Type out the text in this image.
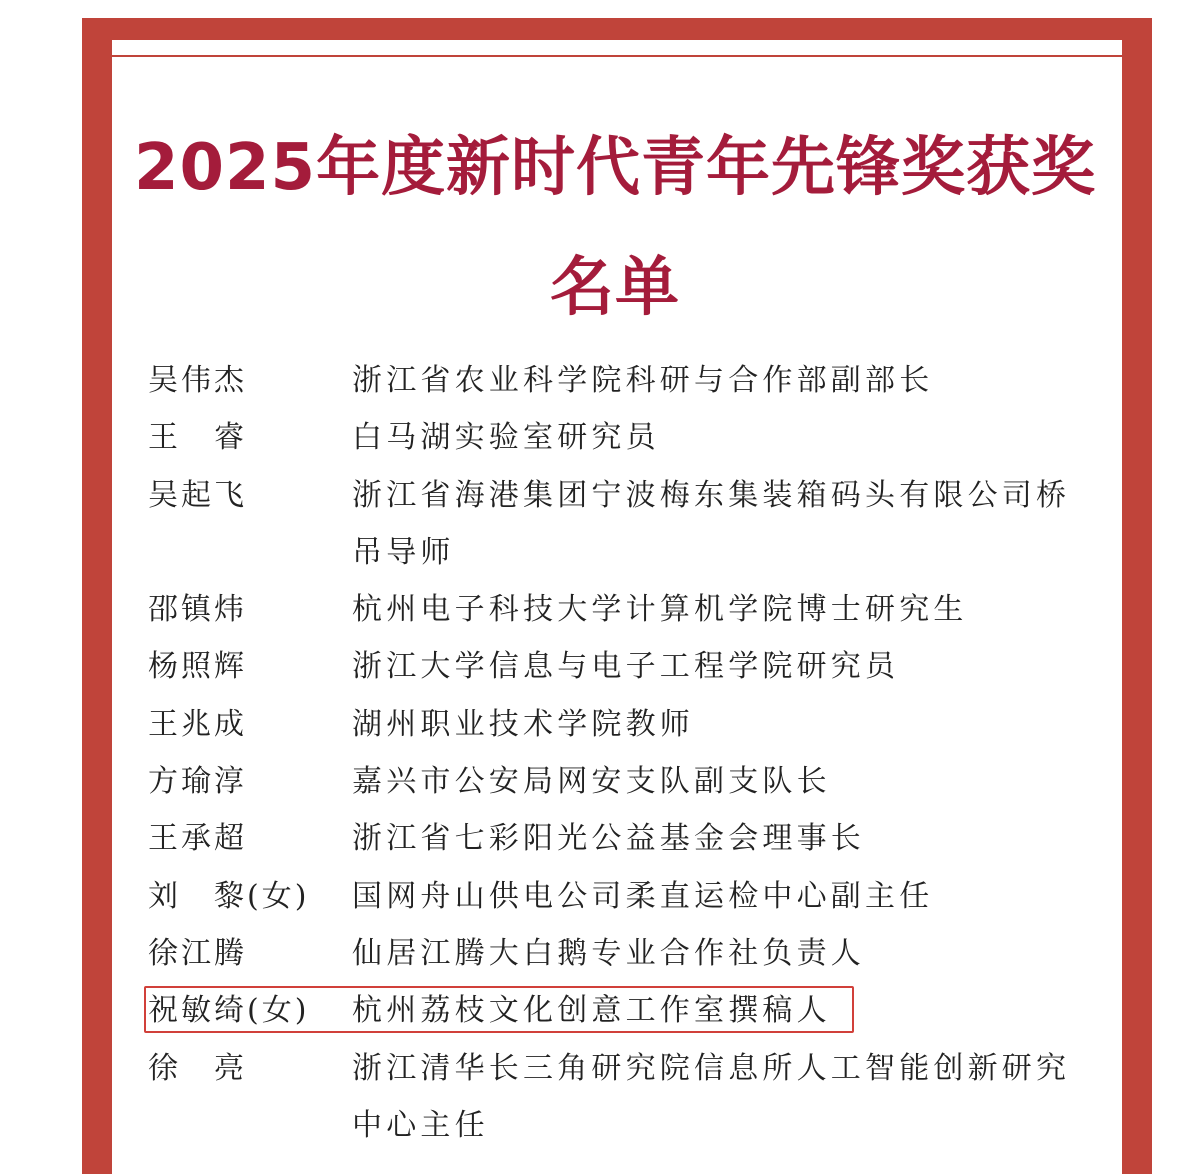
2025年度新时代青年先锋奖获奖名单
吴伟杰	浙江省农业科学院科研与合作部副部长
王　睿	白马湖实验室研究员
吴起飞	浙江省海港集团宁波梅东集装箱码头有限公司桥吊导师
邵镇炜	杭州电子科技大学计算机学院博士研究生
杨照辉	浙江大学信息与电子工程学院研究员
王兆成	湖州职业技术学院教师
方瑜淳	嘉兴市公安局网安支队副支队长
王承超	浙江省七彩阳光公益基金会理事长
刘　黎(女)	国网舟山供电公司柔直运检中心副主任
徐江腾	仙居江腾大白鹅专业合作社负责人
祝敏绮(女)	杭州荔枝文化创意工作室撰稿人
徐　亮	浙江清华长三角研究院信息所人工智能创新研究中心主任
